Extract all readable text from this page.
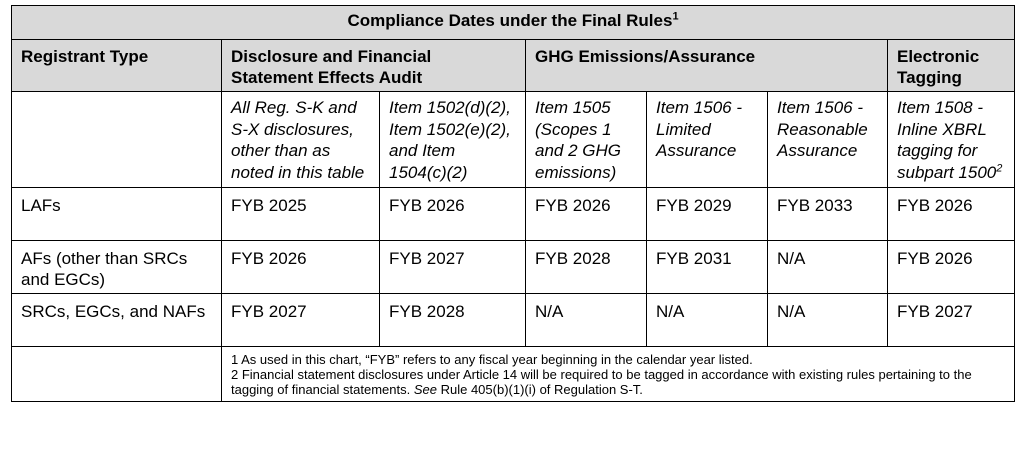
Compliance Dates under the Final Rules$^1$
Registrant Type	Disclosure and Financial Statement Effects Audit		GHG Emissions/Assurance			Electronic Tagging
	All Reg. S-K and S-X disclosures, other than as noted in this table	Item 1502(d)(2), Item 1502(e)(2), and Item 1504(c)(2)	Item 1505 (Scopes 1 and 2 GHG emissions)	Item 1506 - Limited Assurance	Item 1506 - Reasonable Assurance	Item 1508 - Inline XBRL tagging for subpart 1500$^2$
LAFs	FYB 2025	FYB 2026	FYB 2026	FYB 2029	FYB 2033	FYB 2026
AFs (other than SRCs and EGCs)	FYB 2026	FYB 2027	FYB 2028	FYB 2031	N/A	FYB 2026
SRCs, EGCs, and NAFs	FYB 2027	FYB 2028	N/A	N/A	N/A	FYB 2027

	1 As used in this chart, “FYB” refers to any fiscal year beginning in the calendar year listed.
2 Financial statement disclosures under Article 14 will be required to be tagged in accordance with existing rules pertaining to the tagging of financial statements. See Rule 405(b)(1)(i) of Regulation S-T.					
